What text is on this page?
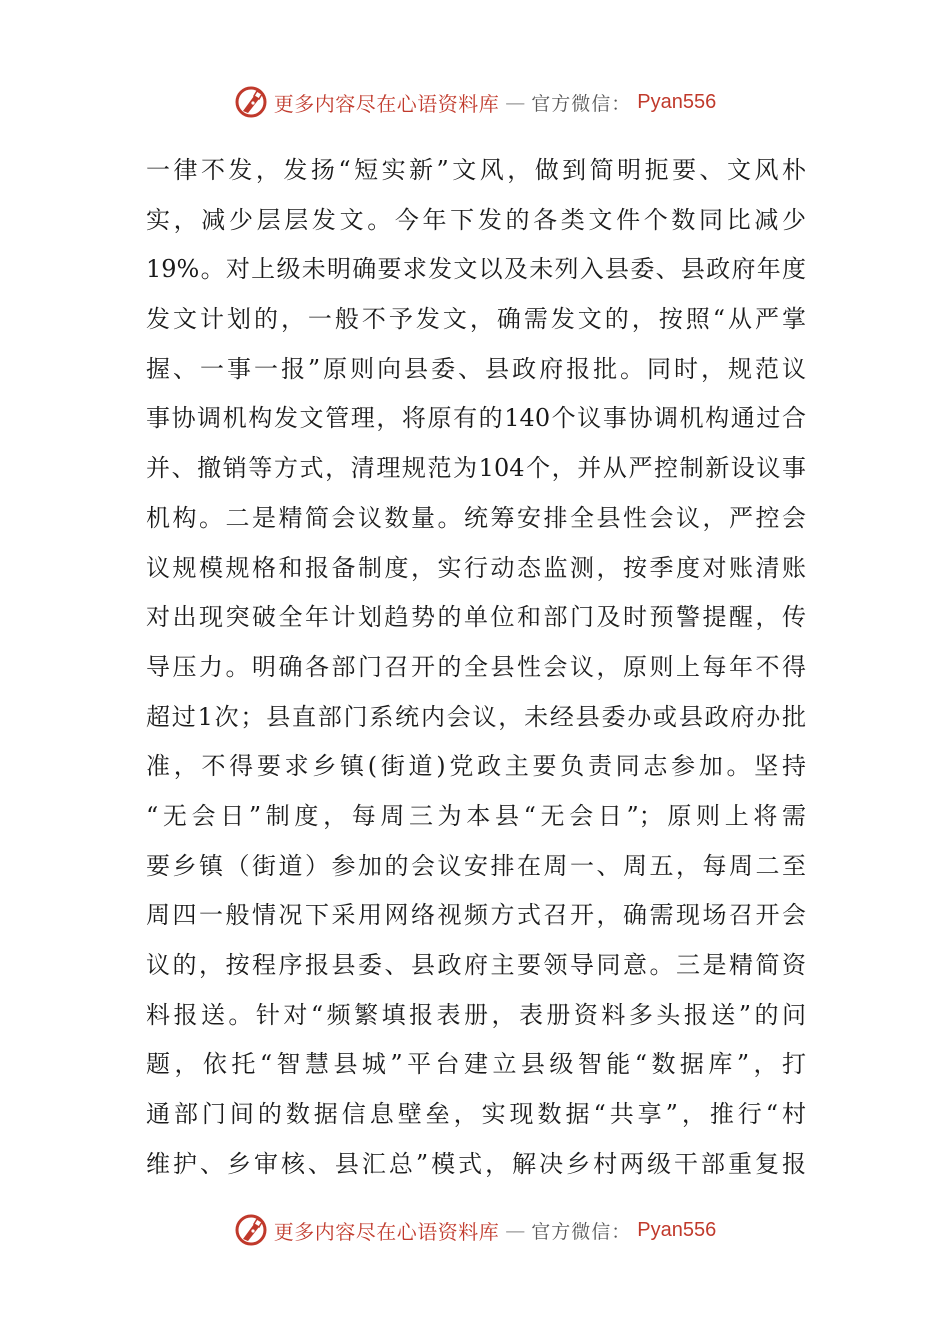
更多内容尽在心语资料库 — 官方微信： Pyan556
一律不发，发扬“短实新”文风，做到简明扼要、文风朴
实，减少层层发文。今年下发的各类文件个数同比减少
19%。对上级未明确要求发文以及未列入县委、县政府年度
发文计划的，一般不予发文，确需发文的，按照“从严掌
握、一事一报”原则向县委、县政府报批。同时，规范议
事协调机构发文管理，将原有的140个议事协调机构通过合
并、撤销等方式，清理规范为104个，并从严控制新设议事
机构。二是精简会议数量。统筹安排全县性会议，严控会
议规模规格和报备制度，实行动态监测，按季度对账清账
对出现突破全年计划趋势的单位和部门及时预警提醒，传
导压力。明确各部门召开的全县性会议，原则上每年不得
超过1次；县直部门系统内会议，未经县委办或县政府办批
准，不得要求乡镇(街道)党政主要负责同志参加。坚持
“无会日”制度，每周三为本县“无会日”；原则上将需
要乡镇（街道）参加的会议安排在周一、周五，每周二至
周四一般情况下采用网络视频方式召开，确需现场召开会
议的，按程序报县委、县政府主要领导同意。三是精简资
料报送。针对“频繁填报表册，表册资料多头报送”的问
题，依托“智慧县城”平台建立县级智能“数据库”，打
通部门间的数据信息壁垒，实现数据“共享”，推行“村
维护、乡审核、县汇总”模式，解决乡村两级干部重复报
更多内容尽在心语资料库 — 官方微信： Pyan556
